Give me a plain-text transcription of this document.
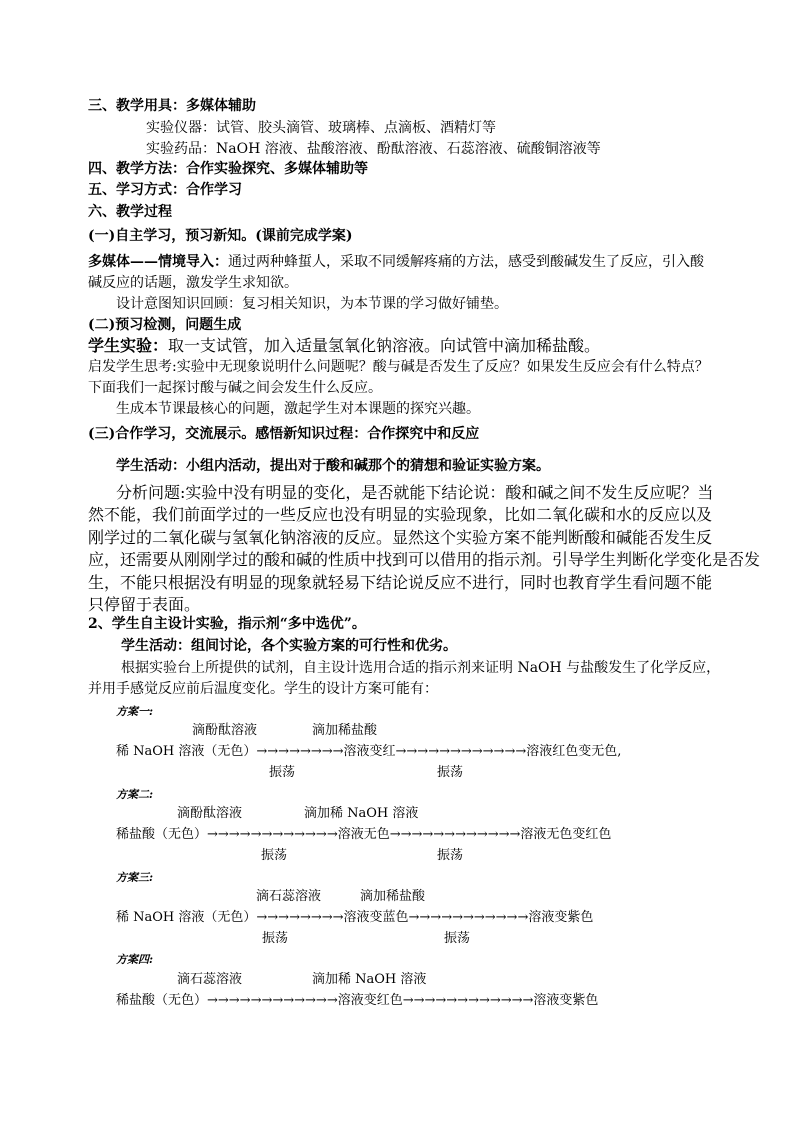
三、教学用具：多媒体辅助
实验仪器：试管、胶头滴管、玻璃棒、点滴板、酒精灯等
实验药品：NaOH 溶液、盐酸溶液、酚酞溶液、石蕊溶液、硫酸铜溶液等
四、教学方法：合作实验探究、多媒体辅助等
五、学习方式：合作学习
六、教学过程
(一)自主学习，预习新知。(课前完成学案)
多媒体——情境导入：通过两种蜂蜇人，采取不同缓解疼痛的方法，感受到酸碱发生了反应，引入酸
碱反应的话题，激发学生求知欲。
设计意图知识回顾：复习相关知识，为本节课的学习做好铺垫。
(二)预习检测，问题生成
学生实验：取一支试管，加入适量氢氧化钠溶液。向试管中滴加稀盐酸。
启发学生思考:实验中无现象说明什么问题呢？酸与碱是否发生了反应？如果发生反应会有什么特点？
下面我们一起探讨酸与碱之间会发生什么反应。
生成本节课最核心的问题，激起学生对本课题的探究兴趣。
(三)合作学习，交流展示。感悟新知识过程：合作探究中和反应
学生活动：小组内活动，提出对于酸和碱那个的猜想和验证实验方案。
分析问题:实验中没有明显的变化，是否就能下结论说：酸和碱之间不发生反应呢？当
然不能，我们前面学过的一些反应也没有明显的实验现象，比如二氧化碳和水的反应以及
刚学过的二氧化碳与氢氧化钠溶液的反应。显然这个实验方案不能判断酸和碱能否发生反
应，还需要从刚刚学过的酸和碱的性质中找到可以借用的指示剂。引导学生判断化学变化是否发
生，不能只根据没有明显的现象就轻易下结论说反应不进行，同时也教育学生看问题不能
只停留于表面。
2、学生自主设计实验，指示剂“多中选优”。
学生活动：组间讨论，各个实验方案的可行性和优劣。
根据实验台上所提供的试剂，自主设计选用合适的指示剂来证明 NaOH 与盐酸发生了化学反应，
并用手感觉反应前后温度变化。学生的设计方案可能有：
方案一:
滴酚酞溶液	滴加稀盐酸
稀 NaOH 溶液（无色）→→→→→→→→溶液变红→→→→→→→→→→→→溶液红色变无色,
振荡	振荡
方案二:
滴酚酞溶液	滴加稀 NaOH 溶液
稀盐酸（无色）→→→→→→→→→→→→溶液无色→→→→→→→→→→→→溶液无色变红色
振荡	振荡
方案三:
滴石蕊溶液	滴加稀盐酸
稀 NaOH 溶液（无色）→→→→→→→→溶液变蓝色→→→→→→→→→→→溶液变紫色
振荡	振荡
方案四:
滴石蕊溶液	滴加稀 NaOH 溶液
稀盐酸（无色）→→→→→→→→→→→→溶液变红色→→→→→→→→→→→→溶液变紫色
